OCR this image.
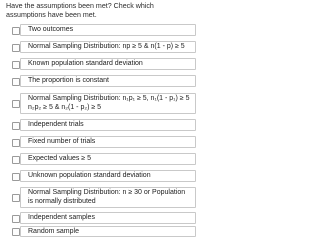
Have the assumptions been met? Check which assumptions have been met.
Two outcomes
Normal Sampling Distribution: np ≥ 5 & n(1 - p) ≥ 5
Known population standard deviation
The proportion is constant
Normal Sampling Distribution: n₁p₁ ≥ 5, n₁(1 - p₁) ≥ 5 n₂p₂ ≥ 5 & n₂(1 - p₂) ≥ 5
Independent trials
Fixed number of trials
Expected values ≥ 5
Unknown population standard deviation
Normal Sampling Distribution: n ≥ 30 or Population is normally distributed
Independent samples
Random sample
